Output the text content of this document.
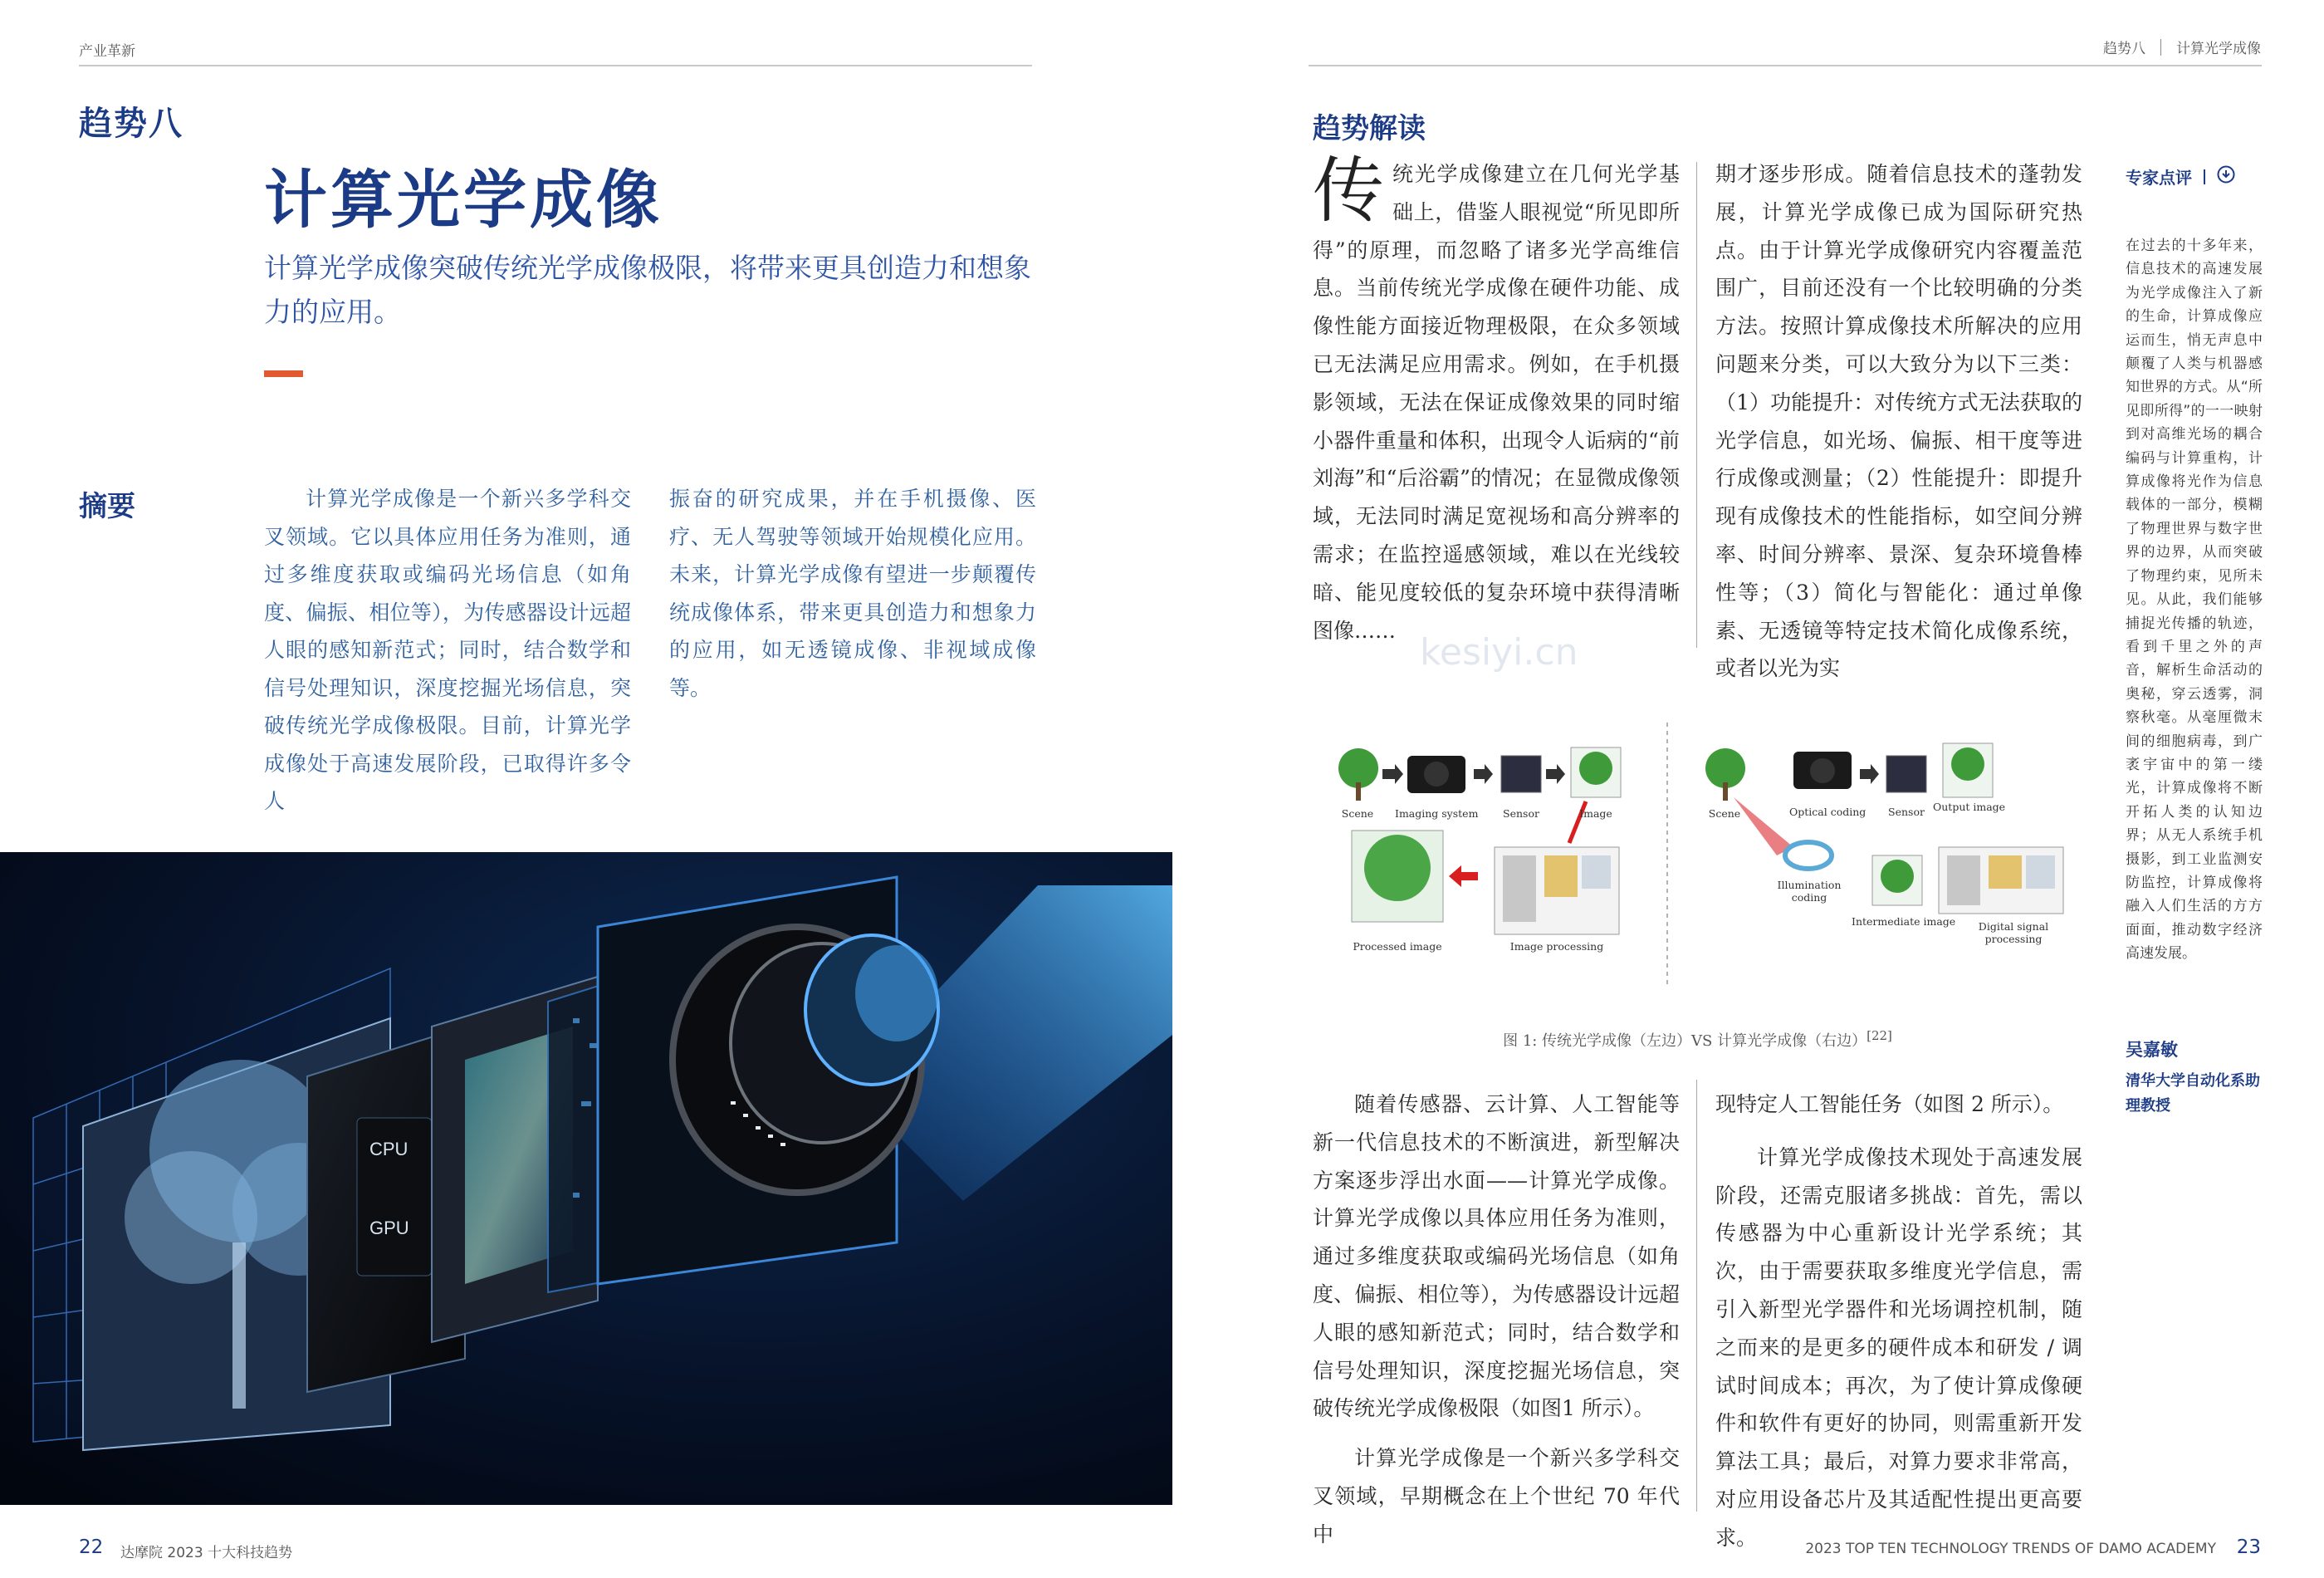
产业革新	趋势八 计算光学成像
趋势八
计算光学成像
计算光学成像突破传统光学成像极限，将带来更具创造力和想象力的应用。
摘要	计算光学成像是一个新兴多学科交叉领域。它以具体应用任务为准则，通过多维度获取或编码光场信息（如角度、偏振、相位等），为传感器设计远超人眼的感知新范式；同时，结合数学和信号处理知识，深度挖掘光场信息，突破传统光学成像极限。目前，计算光学成像处于高速发展阶段，已取得许多令人
振奋的研究成果，并在手机摄像、医疗、无人驾驶等领域开始规模化应用。未来，计算光学成像有望进一步颠覆传统成像体系，带来更具创造力和想象力的应用，如无透镜成像、非视域成像等。
CPU
GPU
趋势解读
传统光学成像建立在几何光学基础上，借鉴人眼视觉“所见即所得”的原理，而忽略了诸多光学高维信息。当前传统光学成像在硬件功能、成像性能方面接近物理极限，在众多领域已无法满足应用需求。例如，在手机摄影领域，无法在保证成像效果的同时缩小器件重量和体积，出现令人诟病的“前刘海”和“后浴霸”的情况；在显微成像领域，无法同时满足宽视场和高分辨率的需求；在监控遥感领域，难以在光线较暗、能见度较低的复杂环境中获得清晰图像……
期才逐步形成。随着信息技术的蓬勃发展，计算光学成像已成为国际研究热点。由于计算光学成像研究内容覆盖范围广，目前还没有一个比较明确的分类方法。按照计算成像技术所解决的应用问题来分类，可以大致分为以下三类：（1）功能提升：对传统方式无法获取的光学信息，如光场、偏振、相干度等进行成像或测量；（2）性能提升：即提升现有成像技术的性能指标，如空间分辨率、时间分辨率、景深、复杂环境鲁棒性等；（3）简化与智能化：通过单像素、无透镜等特定技术简化成像系统，或者以光为实
Scene	Imaging system	Sensor	Image
Processed image	Image processing
Scene	Optical coding	Sensor Output image
Illumination coding
Intermediate image	Digital signal processing
图 1: 传统光学成像（左边）VS 计算光学成像（右边）[22]
随着传感器、云计算、人工智能等新一代信息技术的不断演进，新型解决方案逐步浮出水面——计算光学成像。计算光学成像以具体应用任务为准则，通过多维度获取或编码光场信息（如角度、偏振、相位等），为传感器设计远超人眼的感知新范式；同时，结合数学和信号处理知识，深度挖掘光场信息，突破传统光学成像极限（如图1 所示）。
计算光学成像是一个新兴多学科交叉领域，早期概念在上个世纪 70 年代中
现特定人工智能任务（如图 2 所示）。
计算光学成像技术现处于高速发展阶段，还需克服诸多挑战：首先，需以传感器为中心重新设计光学系统；其次，由于需要获取多维度光学信息，需引入新型光学器件和光场调控机制，随之而来的是更多的硬件成本和研发 / 调试时间成本；再次，为了使计算成像硬件和软件有更好的协同，则需重新开发算法工具；最后，对算力要求非常高，对应用设备芯片及其适配性提出更高要求。
专家点评
在过去的十多年来，信息技术的高速发展为光学成像注入了新的生命，计算成像应运而生，悄无声息中颠覆了人类与机器感知世界的方式。从“所见即所得”的一一映射到对高维光场的耦合编码与计算重构，计算成像将光作为信息载体的一部分，模糊了物理世界与数字世界的边界，从而突破了物理约束，见所未见。从此，我们能够捕捉光传播的轨迹，看到千里之外的声音，解析生命活动的奥秘，穿云透雾，洞察秋毫。从毫厘微末间的细胞病毒，到广袤宇宙中的第一缕光，计算成像将不断开拓人类的认知边界；从无人系统手机摄影，到工业监测安防监控，计算成像将融入人们生活的方方面面，推动数字经济高速发展。
吴嘉敏
清华大学自动化系助理教授
kesiyi.cn
22 达摩院 2023 十大科技趋势	2023 TOP TEN TECHNOLOGY TRENDS OF DAMO ACADEMY 23
